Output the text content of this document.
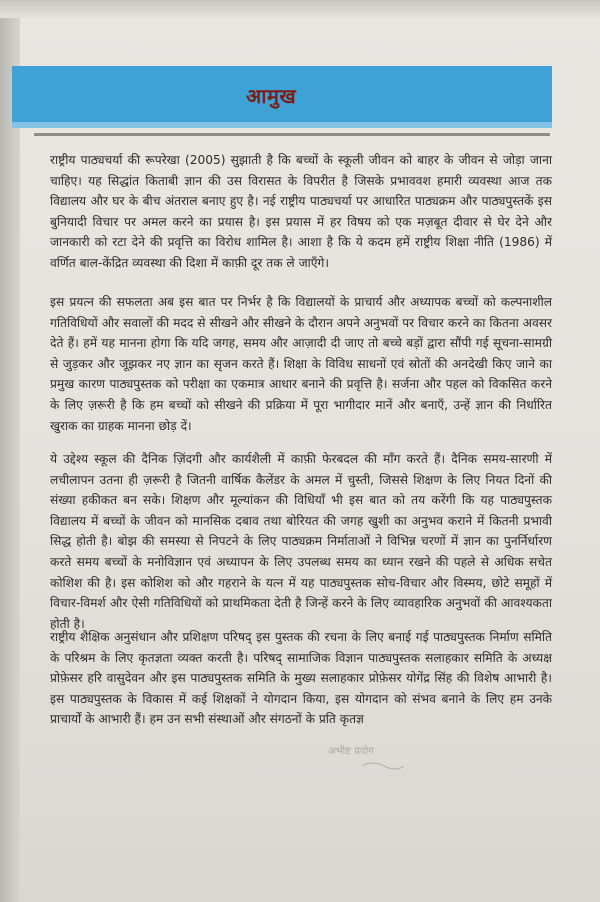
आमुख

राष्ट्रीय पाठ्यचर्या की रूपरेखा (2005) सुझाती है कि बच्चों के स्कूली जीवन को बाहर के जीवन से जोड़ा जाना चाहिए। यह सिद्धांत किताबी ज्ञान की उस विरासत के विपरीत है जिसके प्रभाववश हमारी व्यवस्था आज तक विद्यालय और घर के बीच अंतराल बनाए हुए है। नई राष्ट्रीय पाठ्यचर्या पर आधारित पाठ्यक्रम और पाठ्यपुस्तकें इस बुनियादी विचार पर अमल करने का प्रयास है। इस प्रयास में हर विषय को एक मज़बूत दीवार से घेर देने और जानकारी को रटा देने की प्रवृत्ति का विरोध शामिल है। आशा है कि ये कदम हमें राष्ट्रीय शिक्षा नीति (1986) में वर्णित बाल-केंद्रित व्यवस्था की दिशा में काफ़ी दूर तक ले जाएँगे।

इस प्रयत्न की सफलता अब इस बात पर निर्भर है कि विद्यालयों के प्राचार्य और अध्यापक बच्चों को कल्पनाशील गतिविधियों और सवालों की मदद से सीखने और सीखने के दौरान अपने अनुभवों पर विचार करने का कितना अवसर देते हैं। हमें यह मानना होगा कि यदि जगह, समय और आज़ादी दी जाए तो बच्चे बड़ों द्वारा सौंपी गई सूचना-सामग्री से जुड़कर और जूझकर नए ज्ञान का सृजन करते हैं। शिक्षा के विविध साधनों एवं स्रोतों की अनदेखी किए जाने का प्रमुख कारण पाठ्यपुस्तक को परीक्षा का एकमात्र आधार बनाने की प्रवृत्ति है। सर्जना और पहल को विकसित करने के लिए ज़रूरी है कि हम बच्चों को सीखने की प्रक्रिया में पूरा भागीदार मानें और बनाएँ, उन्हें ज्ञान की निर्धारित खुराक का ग्राहक मानना छोड़ दें।

ये उद्देश्य स्कूल की दैनिक ज़िंदगी और कार्यशैली में काफ़ी फेरबदल की माँग करते हैं। दैनिक समय-सारणी में लचीलापन उतना ही ज़रूरी है जितनी वार्षिक कैलेंडर के अमल में चुस्ती, जिससे शिक्षण के लिए नियत दिनों की संख्या हकीकत बन सके। शिक्षण और मूल्यांकन की विधियाँ भी इस बात को तय करेंगी कि यह पाठ्यपुस्तक विद्यालय में बच्चों के जीवन को मानसिक दबाव तथा बोरियत की जगह खुशी का अनुभव कराने में कितनी प्रभावी सिद्ध होती है। बोझ की समस्या से निपटने के लिए पाठ्यक्रम निर्माताओं ने विभिन्न चरणों में ज्ञान का पुनर्निर्धारण करते समय बच्चों के मनोविज्ञान एवं अध्यापन के लिए उपलब्ध समय का ध्यान रखने की पहले से अधिक सचेत कोशिश की है। इस कोशिश को और गहराने के यत्न में यह पाठ्यपुस्तक सोच-विचार और विस्मय, छोटे समूहों में विचार-विमर्श और ऐसी गतिविधियों को प्राथमिकता देती है जिन्हें करने के लिए व्यावहारिक अनुभवों की आवश्यकता होती है।

राष्ट्रीय शैक्षिक अनुसंधान और प्रशिक्षण परिषद् इस पुस्तक की रचना के लिए बनाई गई पाठ्यपुस्तक निर्माण समिति के परिश्रम के लिए कृतज्ञता व्यक्त करती है। परिषद् सामाजिक विज्ञान पाठ्यपुस्तक सलाहकार समिति के अध्यक्ष प्रोफ़ेसर हरि वासुदेवन और इस पाठ्यपुस्तक समिति के मुख्य सलाहकार प्रोफ़ेसर योगेंद्र सिंह की विशेष आभारी है। इस पाठ्यपुस्तक के विकास में कई शिक्षकों ने योगदान किया, इस योगदान को संभव बनाने के लिए हम उनके प्राचार्यों के आभारी हैं। हम उन सभी संस्थाओं और संगठनों के प्रति कृतज्ञ

अभीष्ट प्रयोग
